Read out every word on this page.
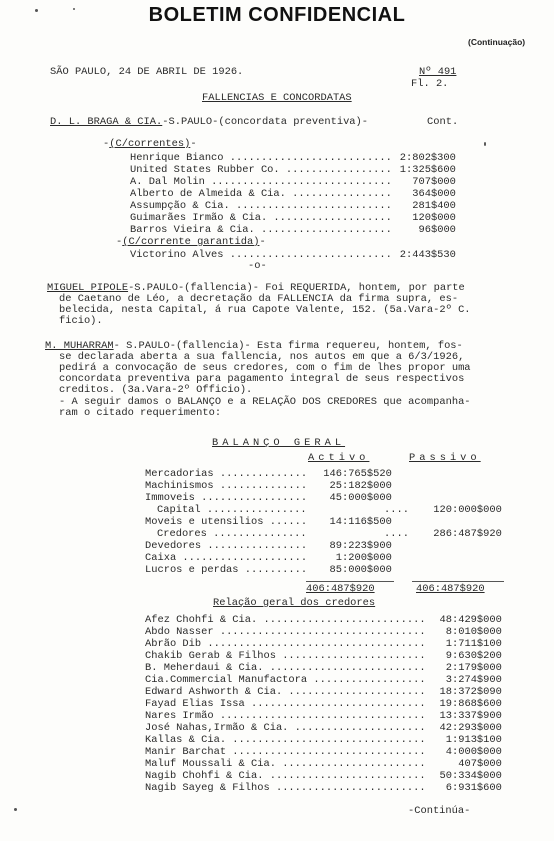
BOLETIM CONFIDENCIAL
(Continuação)
SÃO PAULO, 24 DE ABRIL DE 1926.	Nº 491
Fl. 2.
FALLENCIAS E CONCORDATAS
D. L. BRAGA & CIA.-S.PAULO-(concordata preventiva)-	Cont.
-(C/correntes)-
Henrique Bianco .......................... 2:802$300
United States Rubber Co. ................. 1:325$600
A. Dal Molin ............................. 707$000
Alberto de Almeida & Cia. ................ 364$000
Assumpção & Cia. ......................... 281$400
Guimarães Irmão & Cia. ................... 120$000
Barros Vieira & Cia. .....................	96$000
-(C/corrente garantida)-
Victorino Alves .......................... 2:443$530
-o-
MIGUEL PIPOLE-S.PAULO-(fallencia)- Foi REQUERIDA, hontem, por parte
de Caetano de Léo, a decretação da FALLENCIA da firma supra, es-
belecida, nesta Capital, á rua Capote Valente, 152. (5a.Vara-2º C.
ficio).
M. MUHARRAM- S.PAULO-(fallencia)- Esta firma requereu, hontem, fos-
se declarada aberta a sua fallencia, nos autos em que a 6/3/1926,
pedirá a convocação de seus credores, com o fim de lhes propor uma
concordata preventiva para pagamento integral de seus respectivos
creditos. (3a.Vara-2º Officio).
- A seguir damos o BALANÇO e a RELAÇÃO DOS CREDORES que acompanha-
ram o citado requerimento:
BALANÇO GERAL
Activo	Passivo
Mercadorias .............. 146:765$520
Machinismos .............. 25:182$000
Immoveis ................. 45:000$000
Capital ................	.... 120:000$000
Moveis e utensilios ...... 14:116$500
Credores ...............	.... 286:487$920
Devedores ................ 89:223$900
Caixa ....................	1:200$000
Lucros e perdas .......... 85:000$000
406:487$920	406:487$920
Relação geral dos credores
Afez Chohfi & Cia. .......................... 48:429$000
Abdo Nasser ................................. 8:010$000
Abrão Dib ................................... 1:711$100
Chakib Gerab & Filhos ....................... 9:630$200
B. Meherdaui & Cia. ......................... 2:179$000
Cia.Commercial Manufactora .................. 3:274$900
Edward Ashworth & Cia. ...................... 18:372$090
Fayad Elias Issa ............................ 19:868$600
Nares Irmão ................................. 13:337$900
José Nahas,Irmão & Cia. ..................... 42:293$000
Kallas & Cia. ............................... 1:913$100
Manir Barchat ............................... 4:000$000
Maluf Moussali & Cia. .......................	407$000
Nagib Chohfi & Cia. ......................... 50:334$000
Nagib Sayeg & Filhos ........................ 6:931$600
-Continúa-
